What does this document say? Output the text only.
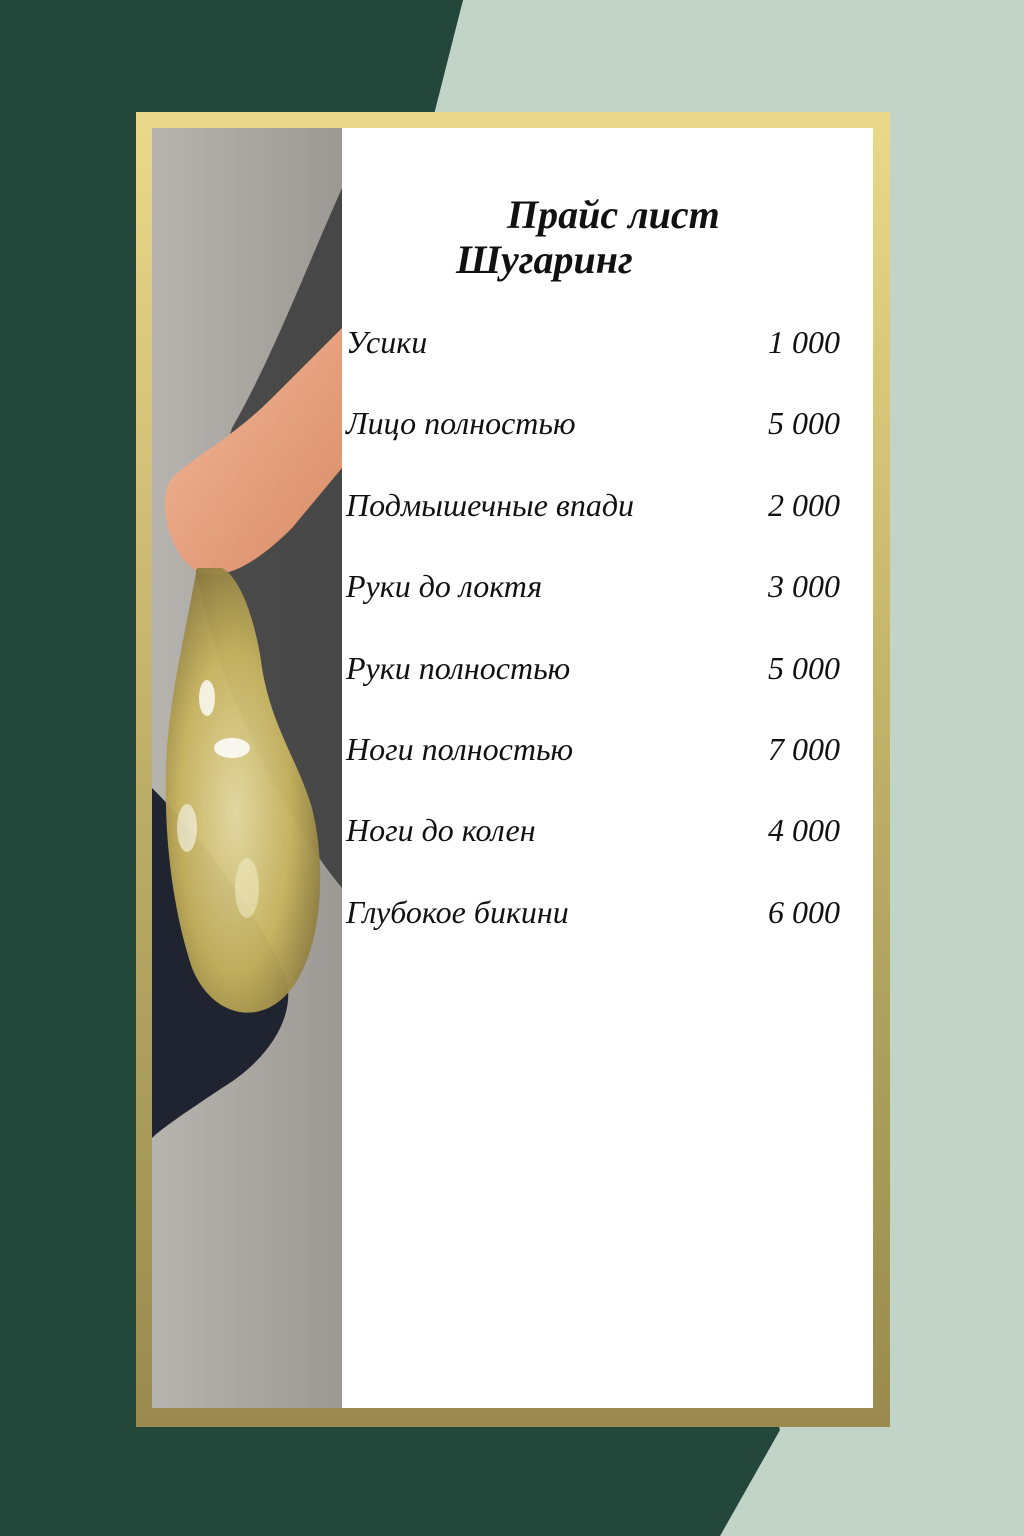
Прайс лист
Шугаринг
Усики	1 000
Лицо полностью	5 000
Подмышечные впади	2 000
Руки до локтя	3 000
Руки полностью	5 000
Ноги полностью	7 000
Ноги до колен	4 000
Глубокое бикини	6 000
